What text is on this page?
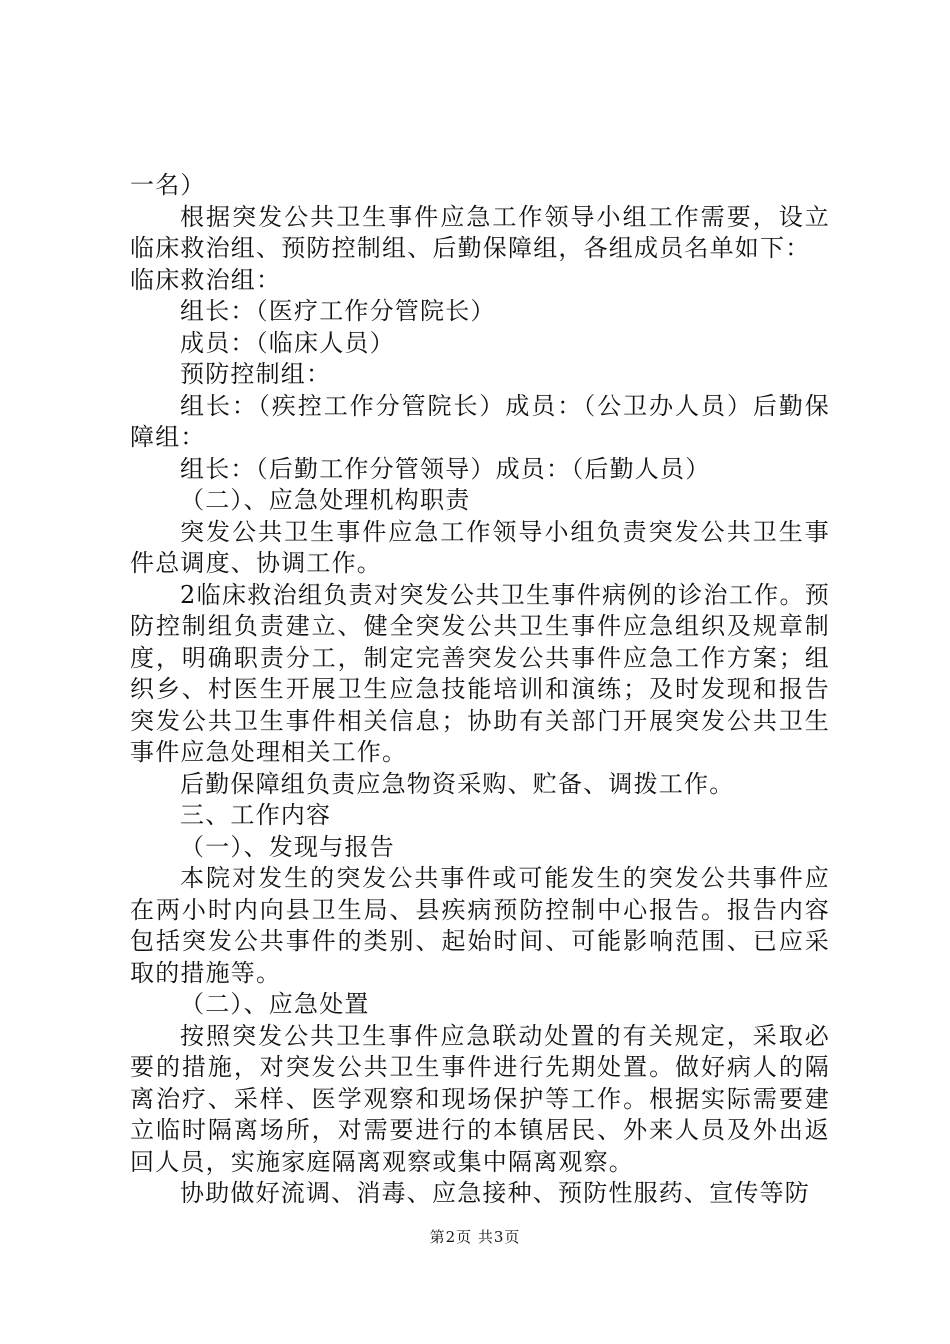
一名）

根据突发公共卫生事件应急工作领导小组工作需要，设立临床救治组、预防控制组、后勤保障组，各组成员名单如下：

临床救治组：

组长：（医疗工作分管院长）

成员：（临床人员）

预防控制组：

组长：（疾控工作分管院长）成员：（公卫办人员）后勤保障组：

组长：（后勤工作分管领导）成员：（后勤人员）

（二）、应急处理机构职责

突发公共卫生事件应急工作领导小组负责突发公共卫生事件总调度、协调工作。

2临床救治组负责对突发公共卫生事件病例的诊治工作。预防控制组负责建立、健全突发公共卫生事件应急组织及规章制度，明确职责分工，制定完善突发公共事件应急工作方案；组织乡、村医生开展卫生应急技能培训和演练；及时发现和报告突发公共卫生事件相关信息；协助有关部门开展突发公共卫生事件应急处理相关工作。

后勤保障组负责应急物资采购、贮备、调拨工作。

三、工作内容

（一）、发现与报告

本院对发生的突发公共事件或可能发生的突发公共事件应在两小时内向县卫生局、县疾病预防控制中心报告。报告内容包括突发公共事件的类别、起始时间、可能影响范围、已应采取的措施等。

（二）、应急处置

按照突发公共卫生事件应急联动处置的有关规定，采取必要的措施，对突发公共卫生事件进行先期处置。做好病人的隔离治疗、采样、医学观察和现场保护等工作。根据实际需要建立临时隔离场所，对需要进行的本镇居民、外来人员及外出返回人员，实施家庭隔离观察或集中隔离观察。

协助做好流调、消毒、应急接种、预防性服药、宣传等防

第2页 共3页
